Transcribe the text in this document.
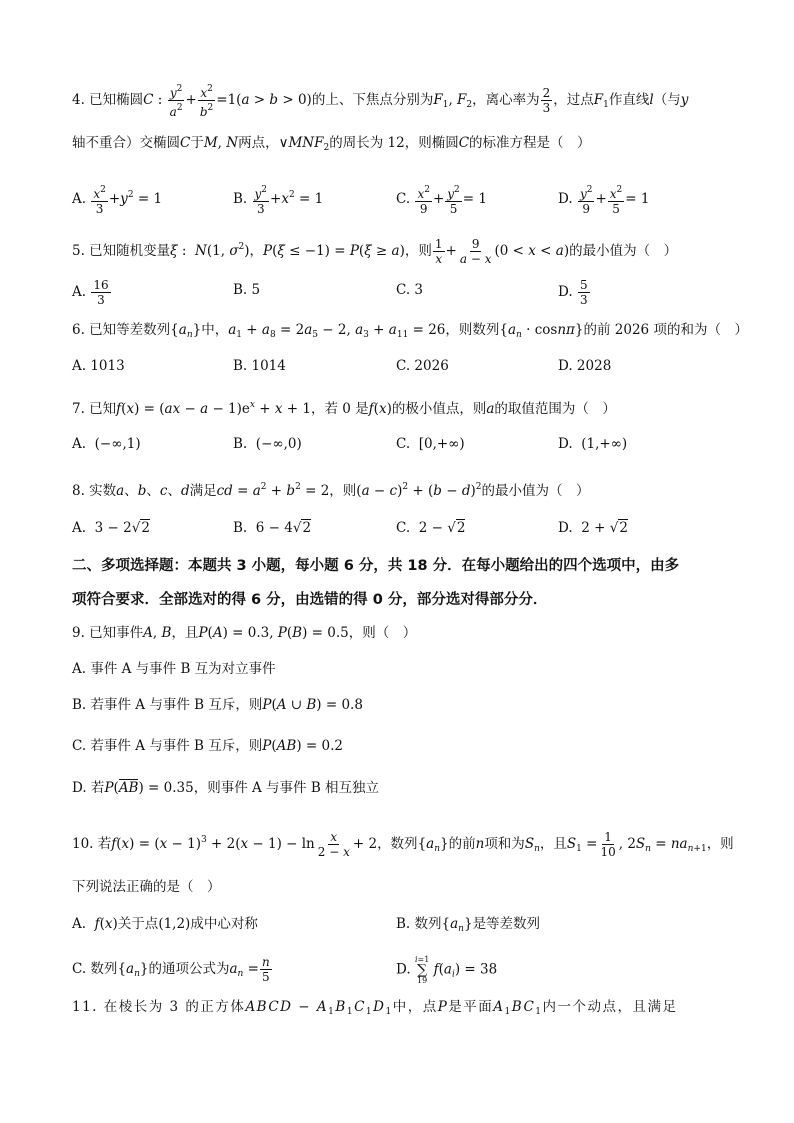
4. 已知椭圆C : $\frac{y^2}{a^2} + \frac{x^2}{b^2} =1(a > b > 0)$的上、下焦点分别为$F_1$, $F_2$，离心率为 $\frac{2}{3}$ ，过点$F_1$作直线l（与y
轴不重合）交椭圆C于M, N两点，$\vee MNF_2$的周长为 12，则椭圆C的标准方程是（　）
A. $\frac{x^2}{3} +y^2 = 1$	B. $\frac{y^2}{3} +x^2 = 1$	C. $\frac{x^2}{9} + \frac{y^2}{5} = 1$	D. $\frac{y^2}{9} + \frac{x^2}{5} = 1$
5. 已知随机变量ξ :  N(1, $\sigma^2$)，P(ξ ≤ −1) = P(ξ ≥ a)，则 $\frac{1}{x} + \frac{9}{a - x} (0 < x < a)$的最小值为（　）
A. $\frac{16}{3}$	B. 5	C. 3	D. $\frac{5}{3}$
6. 已知等差数列$\{a_n\}$中，$a_1 + a_8 = 2a_5 - 2$, $a_3 + a_{11} = 26$，则数列$\{a_n \cdot \cos n\pi\}$的前 2026 项的和为（　）
A. 1013	B. 1014	C. 2026	D. 2028
7. 已知$f(x) = (ax - a - 1)e^x + x + 1$，若 0 是f(x)的极小值点，则a的取值范围为（　）
A.  (−∞,1)	B.  (−∞,0)	C.  [0,+∞)	D.  (1,+∞)
8. 实数a、b、c、d满足cd = $a^2 + b^2 = 2$，则$(a - c)^2 + (b - d)^2$的最小值为（　）
A.  3 − 2√2	B.  6 − 4√2	C.  2 − √2	D.  2 + √2
二、多项选择题：本题共 3 小题，每小题 6 分，共 18 分．在每小题给出的四个选项中，由多
项符合要求．全部选对的得 6 分，由选错的得 0 分，部分选对得部分分．
9. 已知事件A, B，且P(A) = 0.3, P(B) = 0.5，则（　）
A. 事件 A 与事件 B 互为对立事件
B. 若事件 A 与事件 B 互斥，则P(A ∪ B) = 0.8
C. 若事件 A 与事件 B 互斥，则P(AB) = 0.2
D. 若P(AB) = 0.35，则事件 A 与事件 B 相互独立
10. 若$f(x) = (x - 1)^3 + 2(x - 1) - \ln \frac{x}{2 - x} + 2$，数列$\{a_n\}$的前n项和为$S_n$，且$S_1 = \frac{1}{10}$ , $2S_n = na_{n+1}$，则
下列说法正确的是（　）
A.  f(x)关于点(1,2)成中心对称	B. 数列$\{a_n\}$是等差数列
C. 数列$\{a_n\}$的通项公式为$a_n = \frac{n}{5}$	D.
i=1
∑
19
$f(a_i) = 38$
11. 在棱长为 3 的正方体ABCD − $A_1B_1C_1D_1$中，点P是平面$A_1BC_1$内一个动点，且满足
